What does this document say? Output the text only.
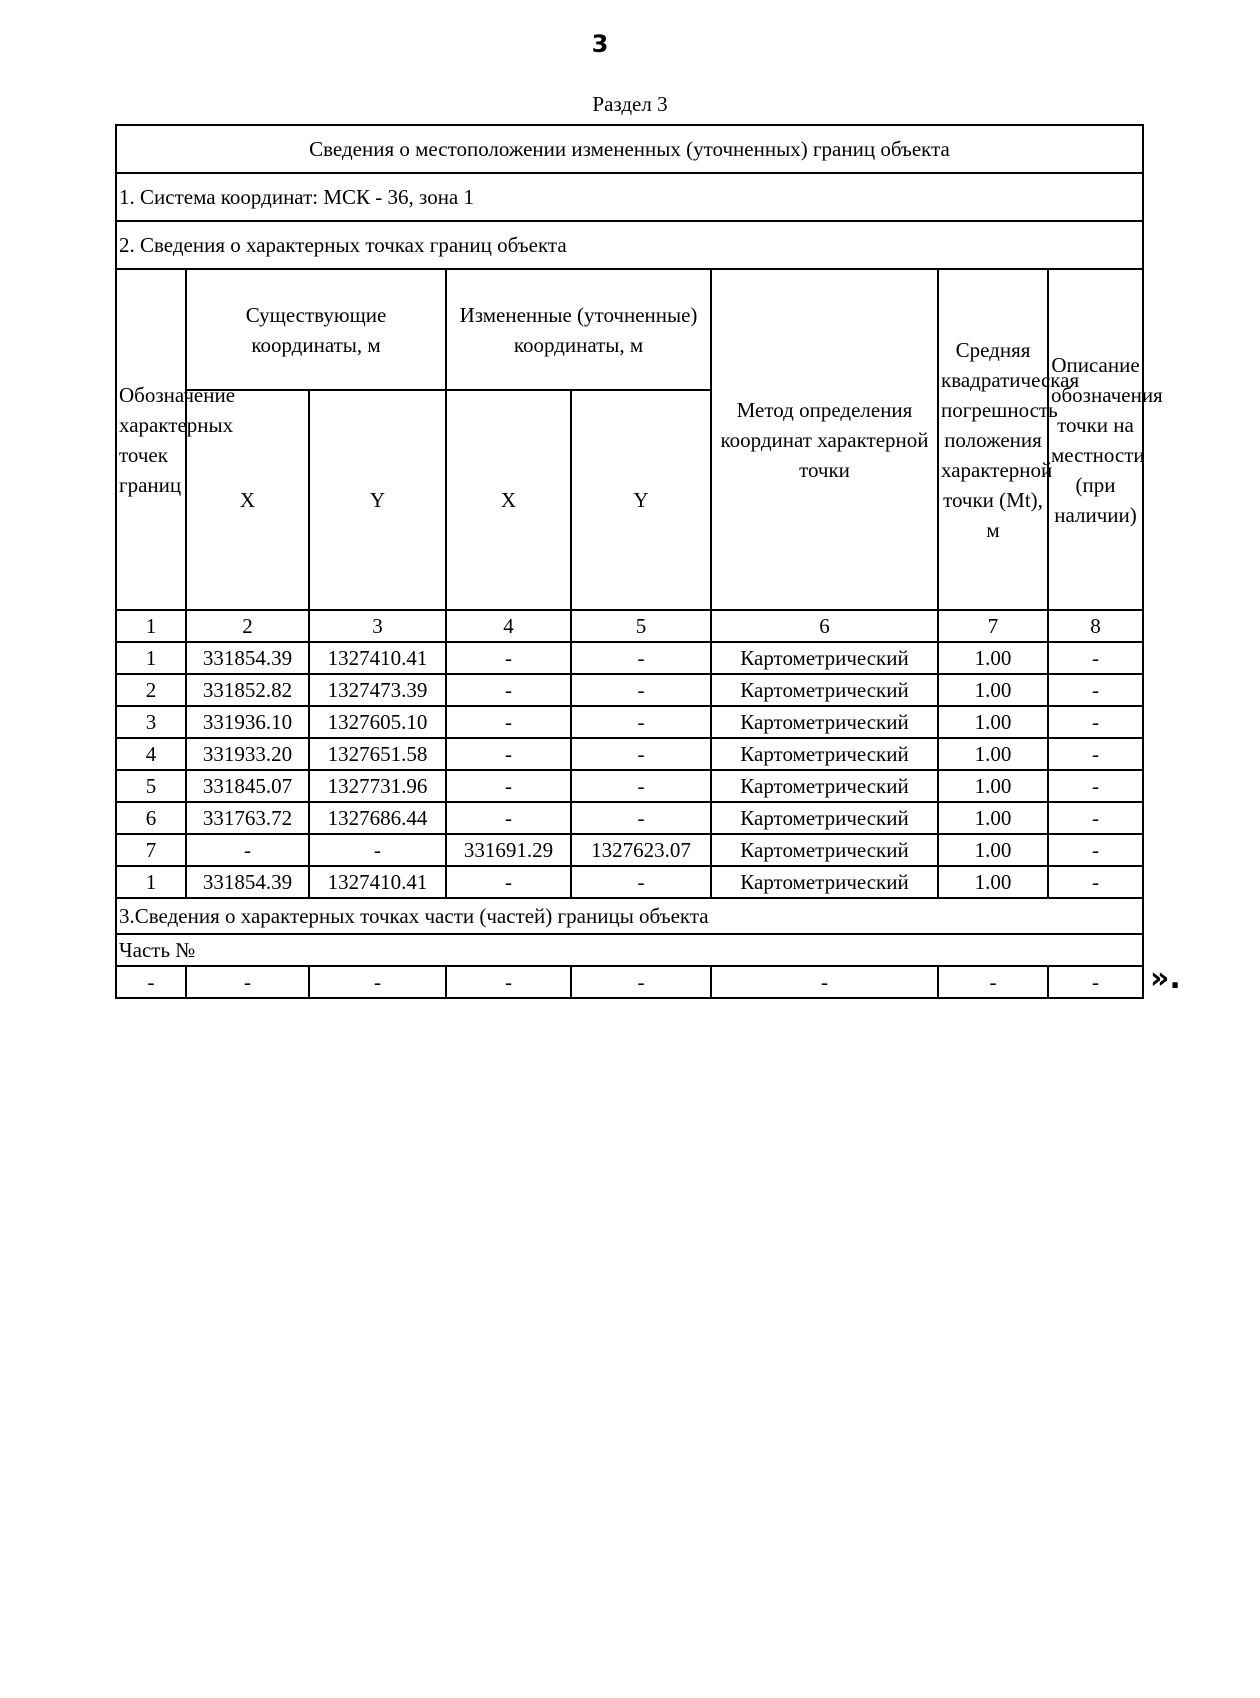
3
Раздел 3
Сведения о местоположении измененных (уточненных) границ объекта							
1. Система координат: МСК - 36, зона 1							
2. Сведения о характерных точках границ объекта							
Обозначение характерных точек границ	Существующие координаты, м		Измененные (уточненные) координаты, м		Метод определения координат характерной точки	Средняя квадратическая погрешность положения характерной точки (Mt), м	Описание обозначения точки на местности (при наличии)
	X	Y	X	Y			
1	2	3	4	5	6	7	8
1	331854.39	1327410.41	-	-	Картометрический	1.00	-
2	331852.82	1327473.39	-	-	Картометрический	1.00	-
3	331936.10	1327605.10	-	-	Картометрический	1.00	-
4	331933.20	1327651.58	-	-	Картометрический	1.00	-
5	331845.07	1327731.96	-	-	Картометрический	1.00	-
6	331763.72	1327686.44	-	-	Картометрический	1.00	-
7	-	-	331691.29	1327623.07	Картометрический	1.00	-
1	331854.39	1327410.41	-	-	Картометрический	1.00	-
3.Сведения о характерных точках части (частей) границы объекта							
Часть №							
-	-	-	-	-	-	-	- ».
